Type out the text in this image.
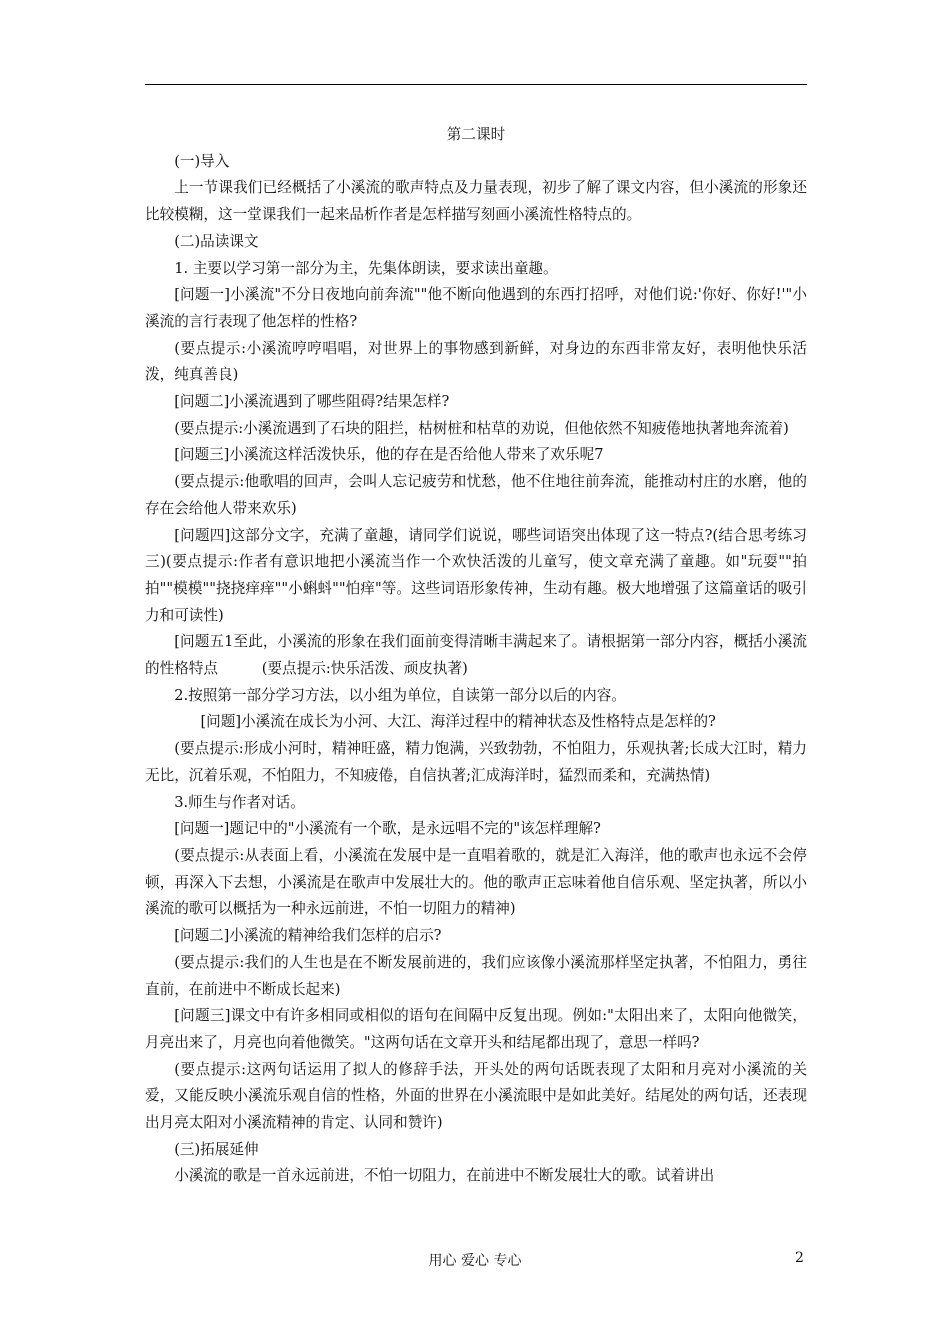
第二课时

(一)导入

上一节课我们已经概括了小溪流的歌声特点及力量表现，初步了解了课文内容，但小溪流的形象还比较模糊，这一堂课我们一起来品析作者是怎样描写刻画小溪流性格特点的。

(二)品读课文

1. 主要以学习第一部分为主，先集体朗读，要求读出童趣。

[问题一]小溪流"不分日夜地向前奔流""他不断向他遇到的东西打招呼，对他们说:'你好、你好!'"小溪流的言行表现了他怎样的性格?

(要点提示:小溪流哼哼唱唱，对世界上的事物感到新鲜，对身边的东西非常友好，表明他快乐活泼，纯真善良)

[问题二]小溪流遇到了哪些阻碍?结果怎样?

(要点提示:小溪流遇到了石块的阻拦，枯树桩和枯草的劝说，但他依然不知疲倦地执著地奔流着)

[问题三]小溪流这样活泼快乐，他的存在是否给他人带来了欢乐呢7

(要点提示:他歌唱的回声，会叫人忘记疲劳和忧愁，他不住地往前奔流，能推动村庄的水磨，他的存在会给他人带来欢乐)

[问题四]这部分文字，充满了童趣，请同学们说说，哪些词语突出体现了这一特点?(结合思考练习三)(要点提示:作者有意识地把小溪流当作一个欢快活泼的儿童写，使文章充满了童趣。如"玩耍""拍拍""模模""挠挠痒痒""小蝌蚪""怕痒"等。这些词语形象传神，生动有趣。极大地增强了这篇童话的吸引力和可读性)

[问题五1至此，小溪流的形象在我们面前变得清晰丰满起来了。请根据第一部分内容，概括小溪流的性格特点　　　(要点提示:快乐活泼、顽皮执著)

2.按照第一部分学习方法，以小组为单位，自读第一部分以后的内容。

[问题]小溪流在成长为小河、大江、海洋过程中的精神状态及性格特点是怎样的?

(要点提示:形成小河时，精神旺盛，精力饱满，兴致勃勃，不怕阻力，乐观执著;长成大江时，精力无比，沉着乐观，不怕阻力，不知疲倦，自信执著;汇成海洋时，猛烈而柔和，充满热情)

3.师生与作者对话。

[问题一]题记中的"小溪流有一个歌，是永远唱不完的"该怎样理解?

(要点提示:从表面上看，小溪流在发展中是一直唱着歌的，就是汇入海洋，他的歌声也永远不会停顿，再深入下去想，小溪流是在歌声中发展壮大的。他的歌声正忘味着他自信乐观、坚定执著，所以小溪流的歌可以概括为一种永远前进，不怕一切阻力的精神)

[问题二]小溪流的精神给我们怎样的启示?

(要点提示:我们的人生也是在不断发展前进的，我们应该像小溪流那样坚定执著，不怕阻力，勇往直前，在前进中不断成长起来)

[问题三]课文中有许多相同或相似的语句在间隔中反复出现。例如:"太阳出来了，太阳向他微笑，月亮出来了，月亮也向着他微笑。"这两句话在文章开头和结尾都出现了，意思一样吗?

(要点提示:这两句话运用了拟人的修辞手法，开头处的两句话既表现了太阳和月亮对小溪流的关爱，又能反映小溪流乐观自信的性格，外面的世界在小溪流眼中是如此美好。结尾处的两句话，还表现出月亮太阳对小溪流精神的肯定、认同和赞许)

(三)拓展延伸

小溪流的歌是一首永远前进，不怕一切阻力，在前进中不断发展壮大的歌。试着讲出

用心 爱心 专心	2
